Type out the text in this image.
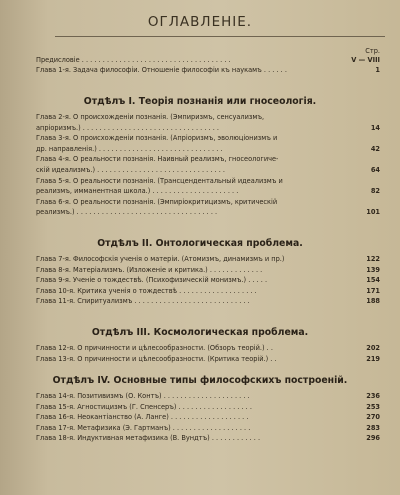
ОГЛАВЛЕНІЕ.
Стр.
Предисловіе . . . . . . . . . . . . . . . . . . . . . . . . . . . . . . . . . . . .	V — VIII
Глава 1-я. Задача философіи. Отношеніе философіи къ наукамъ . . . . . .	1
Отдѣлъ I. Теорія познанія или гносеологія.
Глава 2-я. О происхожденіи познанія. (Эмпиризмъ, сенсуализмъ,
апріоризмъ.) . . . . . . . . . . . . . . . . . . . . . . . . . . . . . . . . .	14
Глава 3-я. О происхожденіи познанія. (Апріоризмъ, эволюціонизмъ и
др. направленія.) . . . . . . . . . . . . . . . . . . . . . . . . . . . . . .	42
Глава 4-я. О реальности познанія. Наивный реализмъ, гносеологиче-
скій идеализмъ.) . . . . . . . . . . . . . . . . . . . . . . . . . . . . . . .	64
Глава 5-я. О реальности познанія. (Трансцендентальный идеализмъ и
реализмъ, имманентная школа.) . . . . . . . . . . . . . . . . . . . . .	82
Глава 6-я. О реальности познанія. (Эмпиріокритицизмъ, критическій
реализмъ.) . . . . . . . . . . . . . . . . . . . . . . . . . . . . . . . . . .	101
Отдѣлъ II. Онтологическая проблема.
Глава 7-я. Философскія ученія о матеріи. (Атомизмъ, динамизмъ и пр.)	122
Глава 8-я. Матеріализмъ. (Изложеніе и критика.) . . . . . . . . . . . . .	139
Глава 9-я. Ученіе о тождествѣ. (Психофизическій монизмъ.) . . . . .	154
Глава 10-я. Критика ученія о тождествѣ . . . . . . . . . . . . . . . . . . .	171
Глава 11-я. Спиритуализмъ . . . . . . . . . . . . . . . . . . . . . . . . . . . .	188
Отдѣлъ III. Космологическая проблема.
Глава 12-я. О причинности и цѣлесообразности. (Обзоръ теорій.) . .	202
Глава 13-я. О причинности и цѣлесообразности. (Критика теорій.) . .	219
Отдѣлъ IV. Основные типы философскихъ построеній.
Глава 14-я. Позитивизмъ (О. Контъ) . . . . . . . . . . . . . . . . . . . . .	236
Глава 15-я. Агностицизмъ (Г. Спенсеръ) . . . . . . . . . . . . . . . . . .	253
Глава 16-я. Неокантіанство (А. Ланге) . . . . . . . . . . . . . . . . . . .	270
Глава 17-я. Метафизика (Э. Гартманъ) . . . . . . . . . . . . . . . . . . .	283
Глава 18-я. Индуктивная метафизика (В. Вундтъ) . . . . . . . . . . . .	296
